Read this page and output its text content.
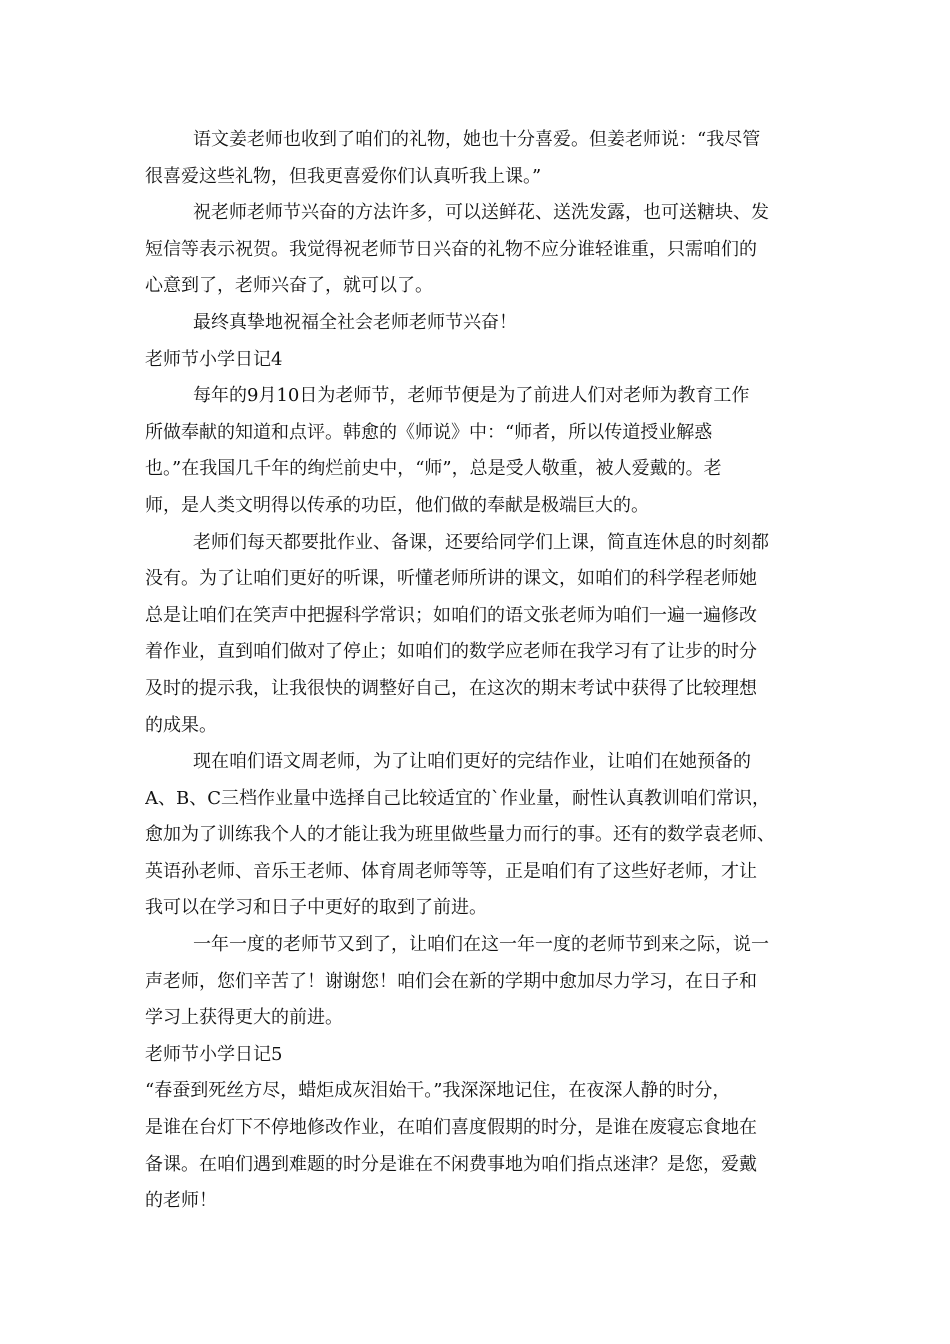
语文姜老师也收到了咱们的礼物，她也十分喜爱。但姜老师说：“我尽管
很喜爱这些礼物，但我更喜爱你们认真听我上课。”
祝老师老师节兴奋的方法许多，可以送鲜花、送洗发露，也可送糖块、发
短信等表示祝贺。我觉得祝老师节日兴奋的礼物不应分谁轻谁重，只需咱们的
心意到了，老师兴奋了，就可以了。
最终真挚地祝福全社会老师老师节兴奋！
老师节小学日记4
每年的9月10日为老师节，老师节便是为了前进人们对老师为教育工作
所做奉献的知道和点评。韩愈的《师说》中：“师者，所以传道授业解惑
也。”在我国几千年的绚烂前史中，“师”，总是受人敬重，被人爱戴的。老
师，是人类文明得以传承的功臣，他们做的奉献是极端巨大的。
老师们每天都要批作业、备课，还要给同学们上课，简直连休息的时刻都
没有。为了让咱们更好的听课，听懂老师所讲的课文，如咱们的科学程老师她
总是让咱们在笑声中把握科学常识；如咱们的语文张老师为咱们一遍一遍修改
着作业，直到咱们做对了停止；如咱们的数学应老师在我学习有了让步的时分
及时的提示我，让我很快的调整好自己，在这次的期末考试中获得了比较理想
的成果。
现在咱们语文周老师，为了让咱们更好的完结作业，让咱们在她预备的
A、B、C三档作业量中选择自己比较适宜的`作业量，耐性认真教训咱们常识，
愈加为了训练我个人的才能让我为班里做些量力而行的事。还有的数学袁老师、
英语孙老师、音乐王老师、体育周老师等等，正是咱们有了这些好老师，才让
我可以在学习和日子中更好的取到了前进。
一年一度的老师节又到了，让咱们在这一年一度的老师节到来之际，说一
声老师，您们辛苦了！谢谢您！咱们会在新的学期中愈加尽力学习，在日子和
学习上获得更大的前进。
老师节小学日记5
“春蚕到死丝方尽，蜡炬成灰泪始干。”我深深地记住，在夜深人静的时分，
是谁在台灯下不停地修改作业，在咱们喜度假期的时分，是谁在废寝忘食地在
备课。在咱们遇到难题的时分是谁在不闲费事地为咱们指点迷津？是您，爱戴
的老师！
